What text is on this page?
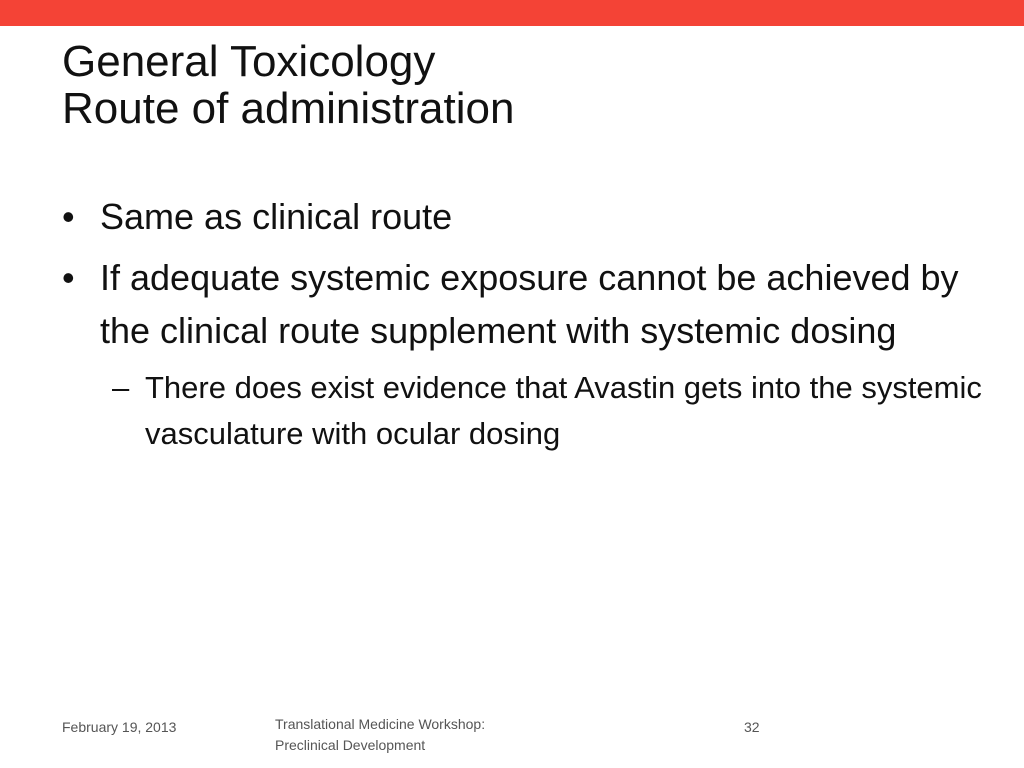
General Toxicology
Route of administration
• Same as clinical route
• If adequate systemic exposure cannot be achieved by the clinical route supplement with systemic dosing
– There does exist evidence that Avastin gets into the systemic vasculature with ocular dosing
February 19, 2013	Translational Medicine Workshop:
Preclinical Development
32
